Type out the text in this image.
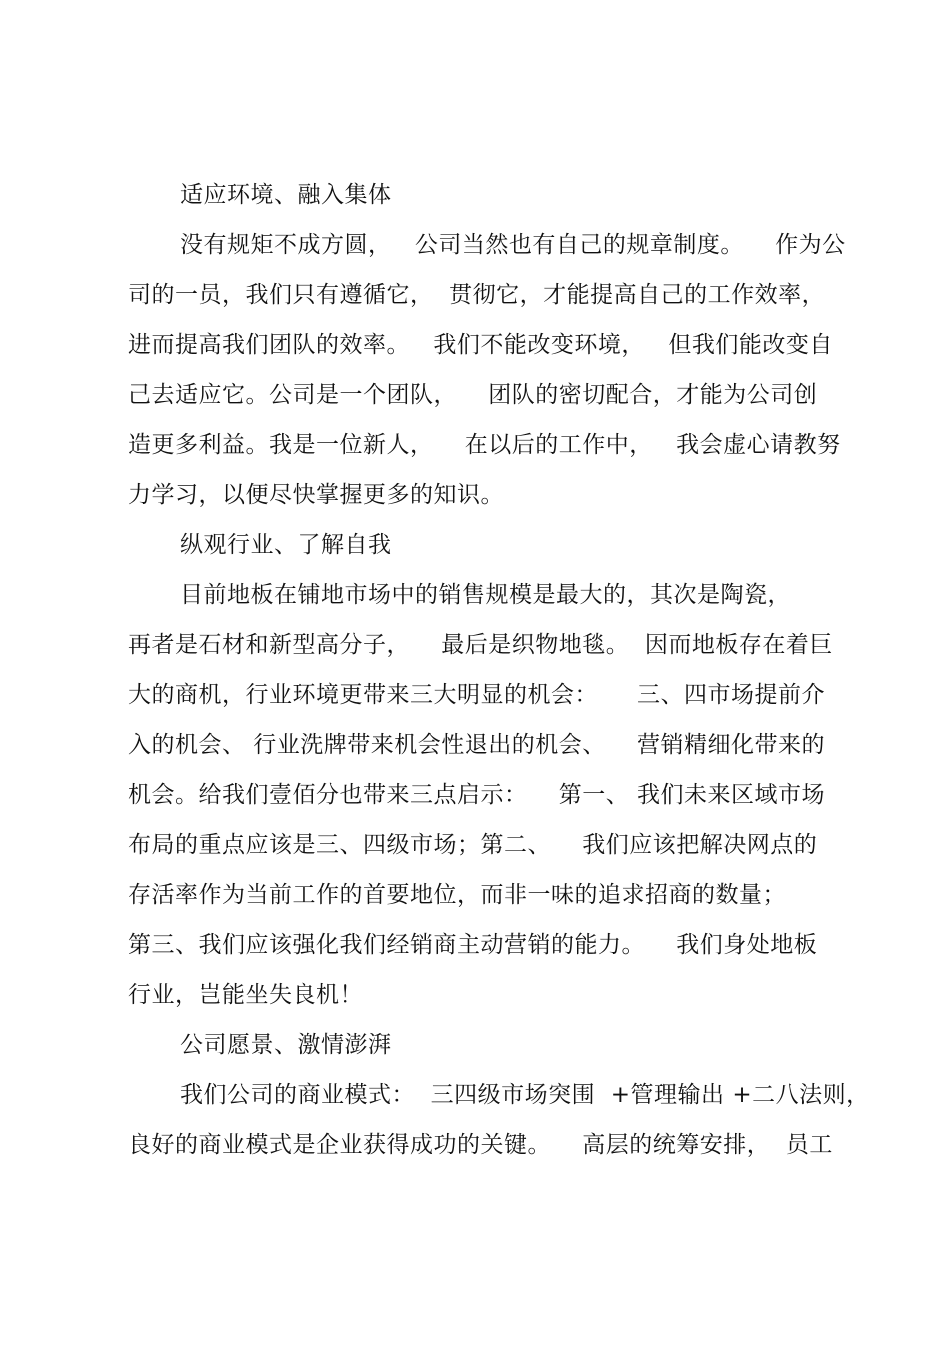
适应环境、融入集体
没有规矩不成方圆，   公司当然也有自己的规章制度。    作为公
司的一员，我们只有遵循它，  贯彻它，才能提高自己的工作效率，
进而提高我们团队的效率。   我们不能改变环境，   但我们能改变自
己去适应它。公司是一个团队，    团队的密切配合，才能为公司创
造更多利益。我是一位新人，    在以后的工作中，   我会虚心请教努
力学习，以便尽快掌握更多的知识。
纵观行业、了解自我
目前地板在铺地市场中的销售规模是最大的，其次是陶瓷，
再者是石材和新型高分子，    最后是织物地毯。  因而地板存在着巨
大的商机，行业环境更带来三大明显的机会：     三、四市场提前介
入的机会、 行业洗牌带来机会性退出的机会、    营销精细化带来的
机会。给我们壹佰分也带来三点启示：    第一、 我们未来区域市场
布局的重点应该是三、四级市场；第二、    我们应该把解决网点的
存活率作为当前工作的首要地位，而非一味的追求招商的数量；
第三、我们应该强化我们经销商主动营销的能力。    我们身处地板
行业，岂能坐失良机！
公司愿景、激情澎湃
我们公司的商业模式：  三四级市场突围  +管理输出 +二八法则，
良好的商业模式是企业获得成功的关键。    高层的统筹安排，  员工
